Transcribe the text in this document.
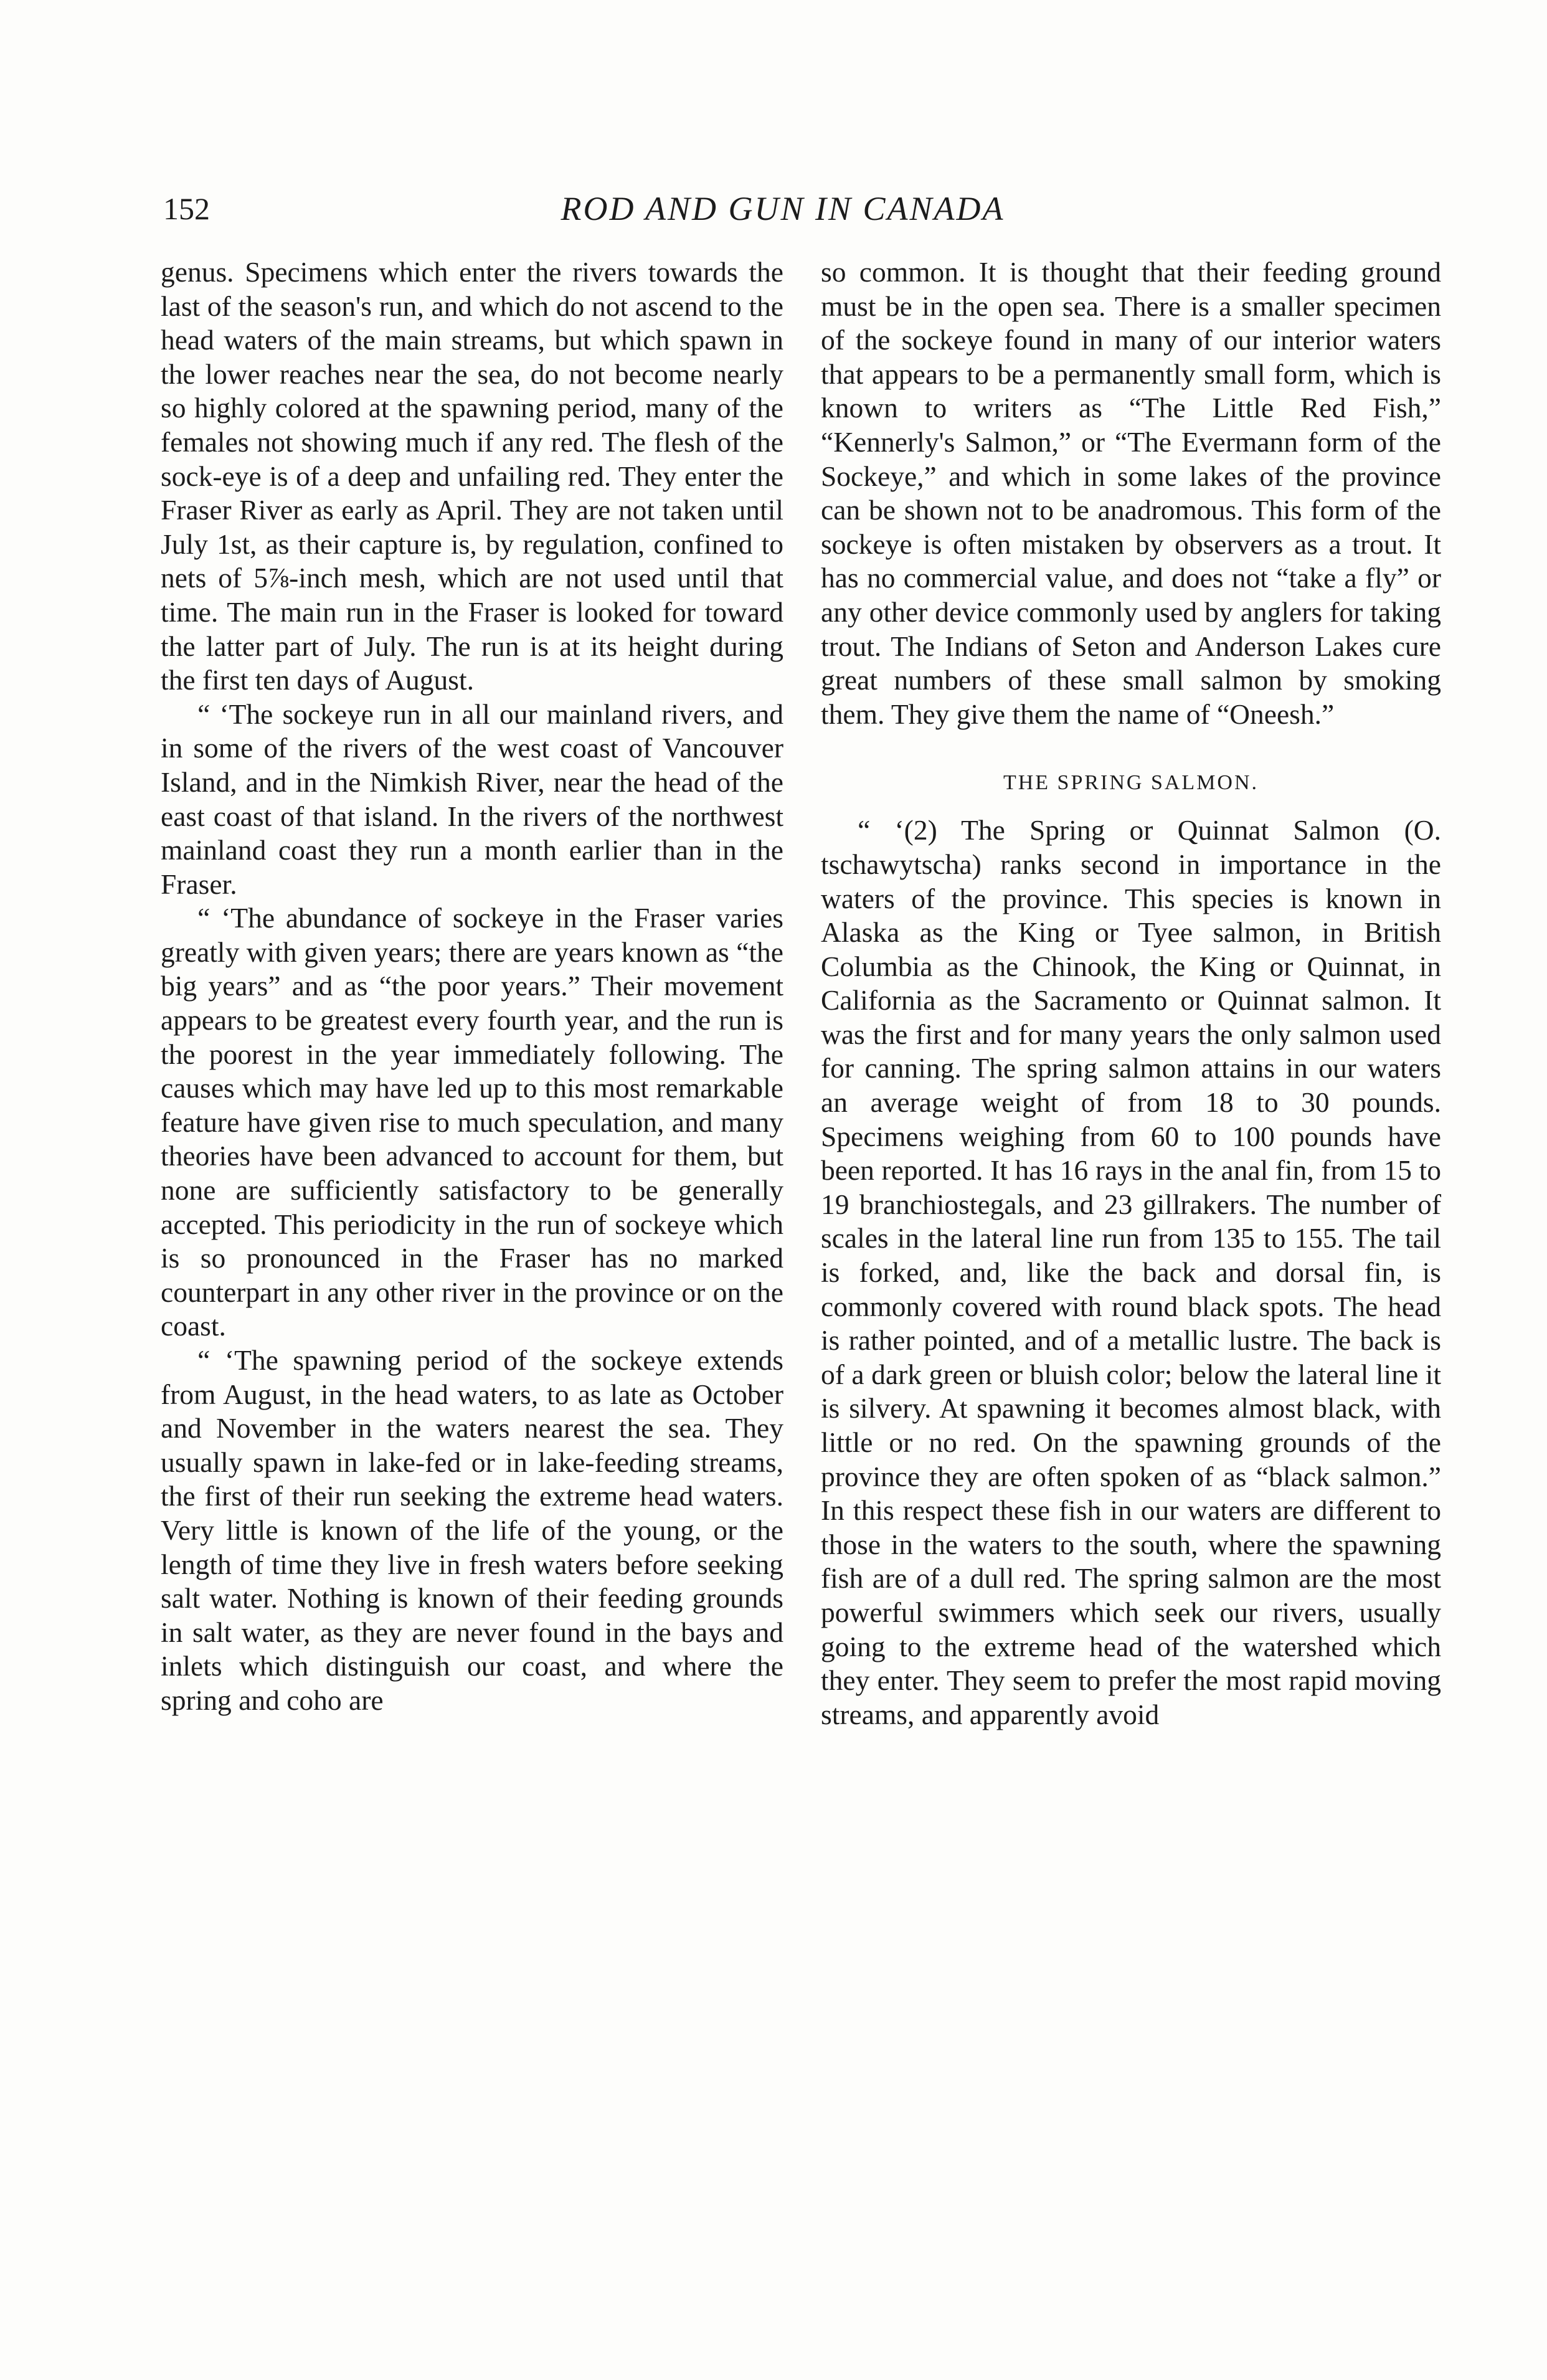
152	ROD AND GUN IN CANADA

genus. Specimens which enter the rivers towards the last of the season's run, and which do not ascend to the head waters of the main streams, but which spawn in the lower reaches near the sea, do not become nearly so highly colored at the spawning period, many of the females not showing much if any red. The flesh of the sock-eye is of a deep and unfailing red. They enter the Fraser River as early as April. They are not taken until July 1st, as their capture is, by regulation, confined to nets of 5⅞-inch mesh, which are not used until that time. The main run in the Fraser is looked for toward the latter part of July. The run is at its height during the first ten days of August.

“ ‘The sockeye run in all our mainland rivers, and in some of the rivers of the west coast of Vancouver Island, and in the Nimkish River, near the head of the east coast of that island. In the rivers of the northwest mainland coast they run a month earlier than in the Fraser.

“ ‘The abundance of sockeye in the Fraser varies greatly with given years; there are years known as “the big years” and as “the poor years.” Their movement appears to be greatest every fourth year, and the run is the poorest in the year immediately following. The causes which may have led up to this most remarkable feature have given rise to much speculation, and many theories have been advanced to account for them, but none are sufficiently satisfactory to be generally accepted. This periodicity in the run of sockeye which is so pronounced in the Fraser has no marked counterpart in any other river in the province or on the coast.

“ ‘The spawning period of the sockeye extends from August, in the head waters, to as late as October and November in the waters nearest the sea. They usually spawn in lake-fed or in lake-feeding streams, the first of their run seeking the extreme head waters. Very little is known of the life of the young, or the length of time they live in fresh waters before seeking salt water. Nothing is known of their feeding grounds in salt water, as they are never found in the bays and inlets which distinguish our coast, and where the spring and coho are

so common. It is thought that their feeding ground must be in the open sea. There is a smaller specimen of the sockeye found in many of our interior waters that appears to be a permanently small form, which is known to writers as “The Little Red Fish,” “Kennerly's Salmon,” or “The Evermann form of the Sockeye,” and which in some lakes of the province can be shown not to be anadromous. This form of the sockeye is often mistaken by observers as a trout. It has no commercial value, and does not “take a fly” or any other device commonly used by anglers for taking trout. The Indians of Seton and Anderson Lakes cure great numbers of these small salmon by smoking them. They give them the name of “Oneesh.”

THE SPRING SALMON.

“ ‘(2) The Spring or Quinnat Salmon (O. tschawytscha) ranks second in importance in the waters of the province. This species is known in Alaska as the King or Tyee salmon, in British Columbia as the Chinook, the King or Quinnat, in California as the Sacramento or Quinnat salmon. It was the first and for many years the only salmon used for canning. The spring salmon attains in our waters an average weight of from 18 to 30 pounds. Specimens weighing from 60 to 100 pounds have been reported. It has 16 rays in the anal fin, from 15 to 19 branchiostegals, and 23 gillrakers. The number of scales in the lateral line run from 135 to 155. The tail is forked, and, like the back and dorsal fin, is commonly covered with round black spots. The head is rather pointed, and of a metallic lustre. The back is of a dark green or bluish color; below the lateral line it is silvery. At spawning it becomes almost black, with little or no red. On the spawning grounds of the province they are often spoken of as “black salmon.” In this respect these fish in our waters are different to those in the waters to the south, where the spawning fish are of a dull red. The spring salmon are the most powerful swimmers which seek our rivers, usually going to the extreme head of the watershed which they enter. They seem to prefer the most rapid moving streams, and apparently avoid
